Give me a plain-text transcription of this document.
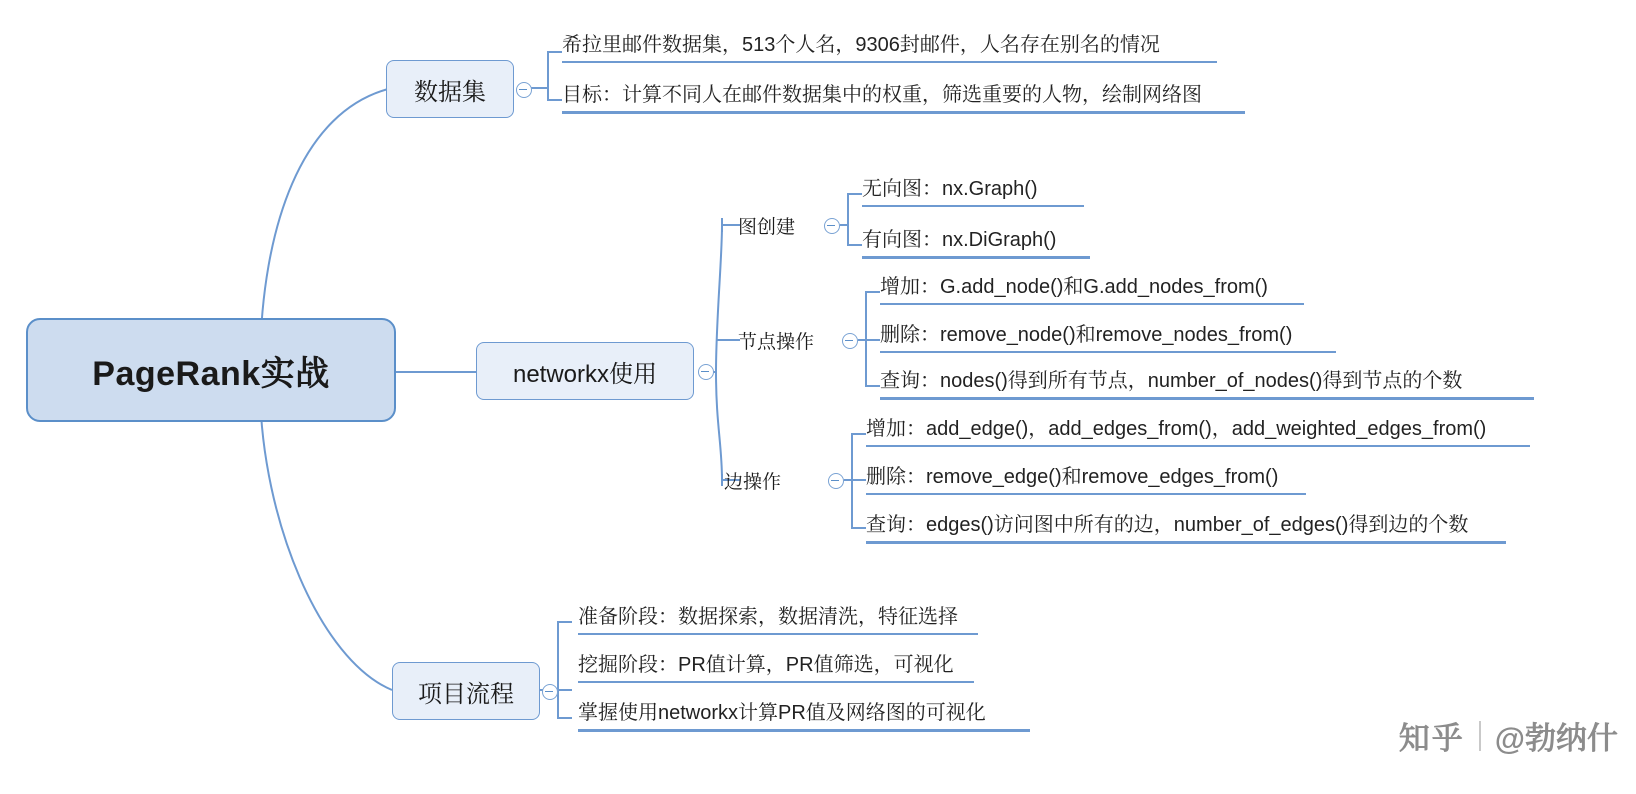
PageRank实战
数据集
希拉里邮件数据集，513个人名，9306封邮件，人名存在别名的情况
目标：计算不同人在邮件数据集中的权重，筛选重要的人物，绘制网络图
networkx使用
图创建
无向图：nx.Graph()
有向图：nx.DiGraph()
节点操作
增加：G.add_node()和G.add_nodes_from()
删除：remove_node()和remove_nodes_from()
查询：nodes()得到所有节点，number_of_nodes()得到节点的个数
边操作
增加：add_edge()，add_edges_from()，add_weighted_edges_from()
删除：remove_edge()和remove_edges_from()
查询：edges()访问图中所有的边，number_of_edges()得到边的个数
项目流程
准备阶段：数据探索，数据清洗，特征选择
挖掘阶段：PR值计算，PR值筛选，可视化
掌握使用networkx计算PR值及网络图的可视化
知乎 @勃纳什
